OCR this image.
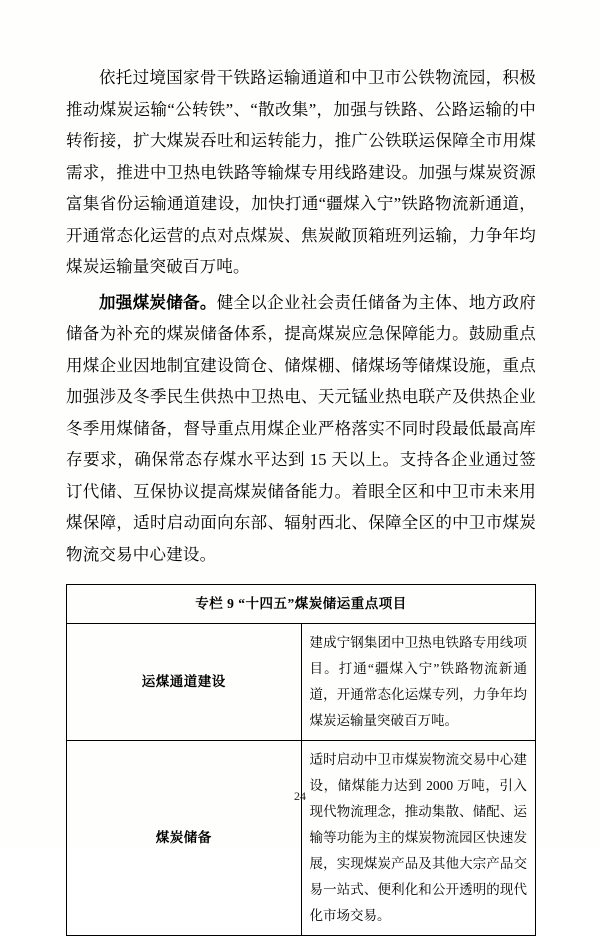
依托过境国家骨干铁路运输通道和中卫市公铁物流园，积极推动煤炭运输“公转铁”、“散改集”，加强与铁路、公路运输的中转衔接，扩大煤炭吞吐和运转能力，推广公铁联运保障全市用煤需求，推进中卫热电铁路等输煤专用线路建设。加强与煤炭资源富集省份运输通道建设，加快打通“疆煤入宁”铁路物流新通道，开通常态化运营的点对点煤炭、焦炭敞顶箱班列运输，力争年均煤炭运输量突破百万吨。

加强煤炭储备。健全以企业社会责任储备为主体、地方政府储备为补充的煤炭储备体系，提高煤炭应急保障能力。鼓励重点用煤企业因地制宜建设筒仓、储煤棚、储煤场等储煤设施，重点加强涉及冬季民生供热中卫热电、天元锰业热电联产及供热企业冬季用煤储备，督导重点用煤企业严格落实不同时段最低最高库存要求，确保常态存煤水平达到 15 天以上。支持各企业通过签订代储、互保协议提高煤炭储备能力。着眼全区和中卫市未来用煤保障，适时启动面向东部、辐射西北、保障全区的中卫市煤炭物流交易中心建设。

专栏 9 “十四五”煤炭储运重点项目	
运煤通道建设	建成宁钢集团中卫热电铁路专用线项目。打通“疆煤入宁”铁路物流新通道，开通常态化运煤专列，力争年均煤炭运输量突破百万吨。
煤炭储备	适时启动中卫市煤炭物流交易中心建设，储煤能力达到 2000 万吨，引入现代物流理念，推动集散、储配、运输等功能为主的煤炭物流园区快速发展，实现煤炭产品及其他大宗产品交易一站式、便利化和公开透明的现代化市场交易。
24
